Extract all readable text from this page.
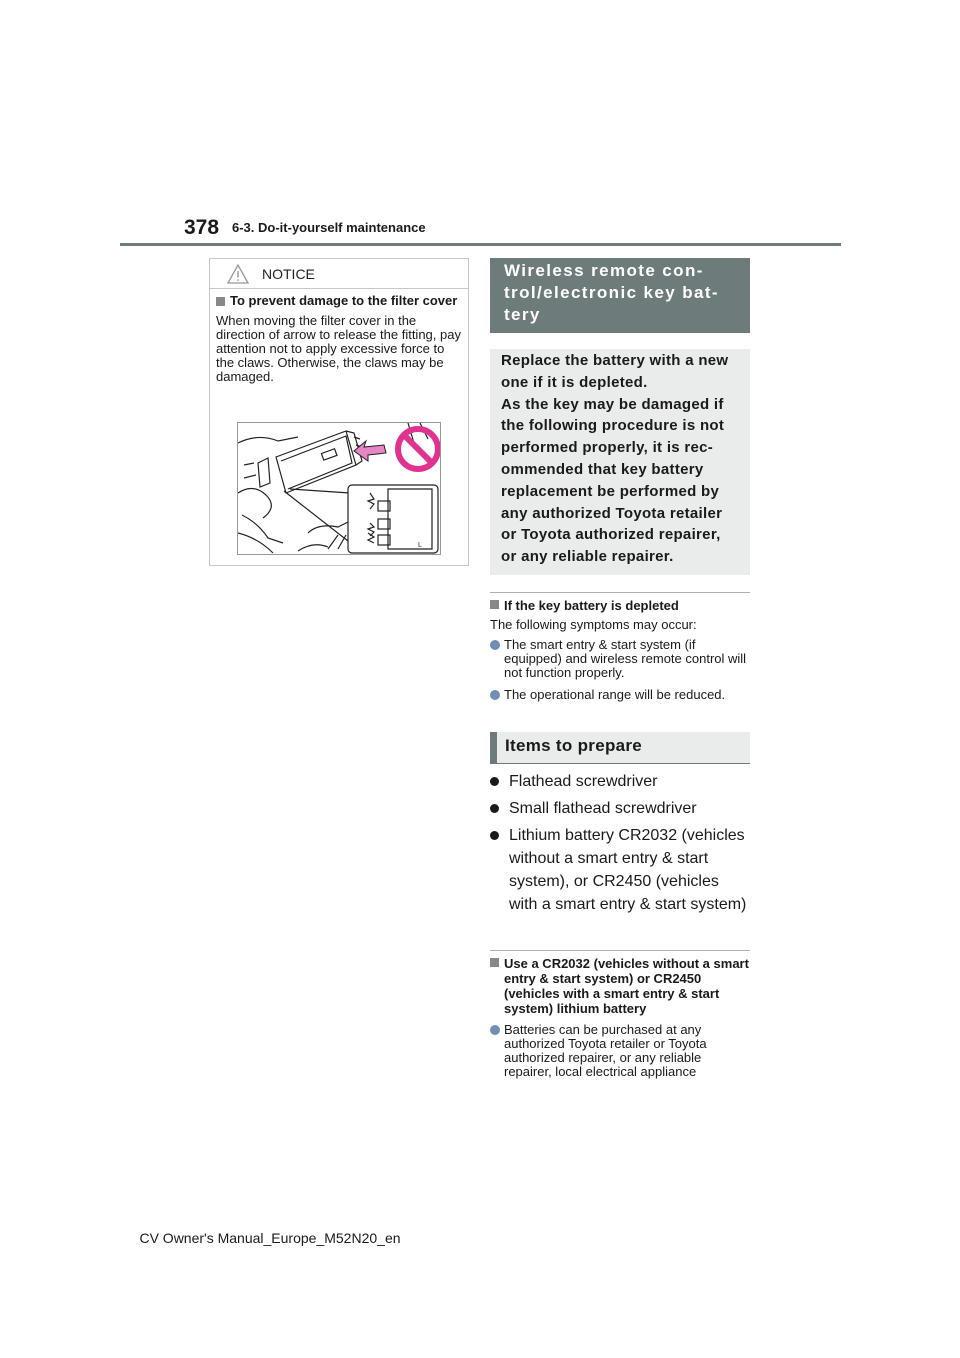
378 6-3. Do-it-yourself maintenance
NOTICE
To prevent damage to the filter cover

When moving the filter cover in the direction of arrow to release the fitting, pay attention not to apply excessive force to the claws. Otherwise, the claws may be damaged.

L
Wireless remote con-
trol/electronic key bat-
tery
Replace the battery with a new
one if it is depleted.
As the key may be damaged if
the following procedure is not
performed properly, it is rec-
ommended that key battery
replacement be performed by
any authorized Toyota retailer
or Toyota authorized repairer,
or any reliable repairer.
If the key battery is depleted

The following symptoms may occur:

The smart entry & start system (if equipped) and wireless remote control will not function properly.
The operational range will be reduced.
Items to prepare
Flathead screwdriver
Small flathead screwdriver
Lithium battery CR2032 (vehicles without a smart entry & start system), or CR2450 (vehicles with a smart entry & start system)
Use a CR2032 (vehicles without a smart entry & start system) or CR2450 (vehicles with a smart entry & start system) lithium battery
Batteries can be purchased at any authorized Toyota retailer or Toyota authorized repairer, or any reliable repairer, local electrical appliance
CV Owner's Manual_Europe_M52N20_en
